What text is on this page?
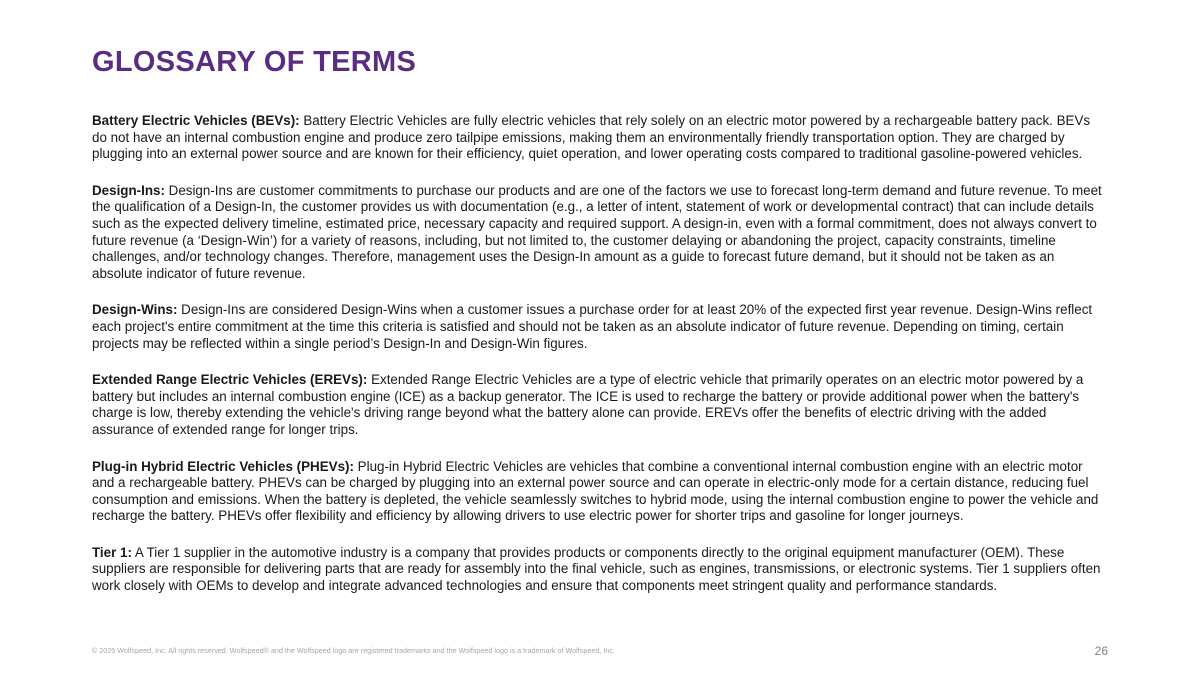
GLOSSARY OF TERMS

Battery Electric Vehicles (BEVs): Battery Electric Vehicles are fully electric vehicles that rely solely on an electric motor powered by a rechargeable battery pack. BEVs do not have an internal combustion engine and produce zero tailpipe emissions, making them an environmentally friendly transportation option. They are charged by plugging into an external power source and are known for their efficiency, quiet operation, and lower operating costs compared to traditional gasoline-powered vehicles.

Design-Ins: Design-Ins are customer commitments to purchase our products and are one of the factors we use to forecast long-term demand and future revenue. To meet the qualification of a Design-In, the customer provides us with documentation (e.g., a letter of intent, statement of work or developmental contract) that can include details such as the expected delivery timeline, estimated price, necessary capacity and required support. A design-in, even with a formal commitment, does not always convert to future revenue (a ‘Design-Win’) for a variety of reasons, including, but not limited to, the customer delaying or abandoning the project, capacity constraints, timeline challenges, and/or technology changes. Therefore, management uses the Design-In amount as a guide to forecast future demand, but it should not be taken as an absolute indicator of future revenue.

Design-Wins: Design-Ins are considered Design-Wins when a customer issues a purchase order for at least 20% of the expected first year revenue. Design-Wins reflect each project's entire commitment at the time this criteria is satisfied and should not be taken as an absolute indicator of future revenue. Depending on timing, certain projects may be reflected within a single period’s Design-In and Design-Win figures.

Extended Range Electric Vehicles (EREVs): Extended Range Electric Vehicles are a type of electric vehicle that primarily operates on an electric motor powered by a battery but includes an internal combustion engine (ICE) as a backup generator. The ICE is used to recharge the battery or provide additional power when the battery's charge is low, thereby extending the vehicle's driving range beyond what the battery alone can provide. EREVs offer the benefits of electric driving with the added assurance of extended range for longer trips.

Plug-in Hybrid Electric Vehicles (PHEVs): Plug-in Hybrid Electric Vehicles are vehicles that combine a conventional internal combustion engine with an electric motor and a rechargeable battery. PHEVs can be charged by plugging into an external power source and can operate in electric-only mode for a certain distance, reducing fuel consumption and emissions. When the battery is depleted, the vehicle seamlessly switches to hybrid mode, using the internal combustion engine to power the vehicle and recharge the battery. PHEVs offer flexibility and efficiency by allowing drivers to use electric power for shorter trips and gasoline for longer journeys.

Tier 1: A Tier 1 supplier in the automotive industry is a company that provides products or components directly to the original equipment manufacturer (OEM). These suppliers are responsible for delivering parts that are ready for assembly into the final vehicle, such as engines, transmissions, or electronic systems. Tier 1 suppliers often work closely with OEMs to develop and integrate advanced technologies and ensure that components meet stringent quality and performance standards.

© 2025 Wolfspeed, Inc. All rights reserved. Wolfspeed® and the Wolfspeed logo are registered trademarks and the Wolfspeed logo is a trademark of Wolfspeed, Inc.	26
